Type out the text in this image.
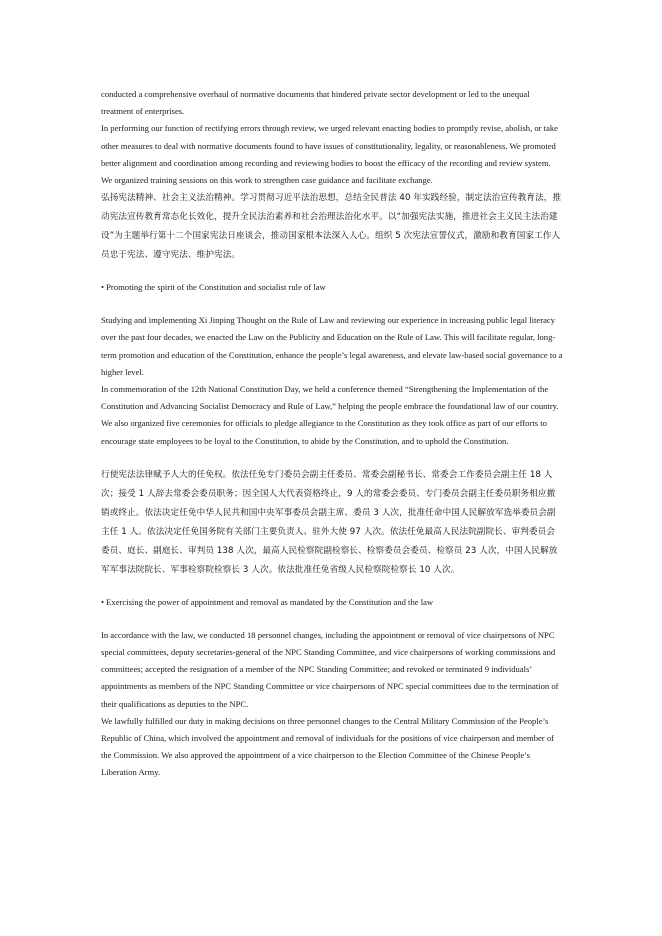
conducted a comprehensive overhaul of normative documents that hindered private sector development or led to the unequal treatment of enterprises.

In performing our function of rectifying errors through review, we urged relevant enacting bodies to promptly revise, abolish, or take other measures to deal with normative documents found to have issues of constitutionality, legality, or reasonableness. We promoted better alignment and coordination among recording and reviewing bodies to boost the efficacy of the recording and review system. We organized training sessions on this work to strengthen case guidance and facilitate exchange.

弘扬宪法精神、社会主义法治精神。学习贯彻习近平法治思想，总结全民普法 40 年实践经验，制定法治宣传教育法，推动宪法宣传教育常态化长效化，提升全民法治素养和社会治理法治化水平。以“加强宪法实施，推进社会主义民主法治建设”为主题举行第十二个国家宪法日座谈会，推动国家根本法深入人心。组织 5 次宪法宣誓仪式，激励和教育国家工作人员忠于宪法、遵守宪法、维护宪法。

• Promoting the spirit of the Constitution and socialist rule of law

Studying and implementing Xi Jinping Thought on the Rule of Law and reviewing our experience in increasing public legal literacy over the past four decades, we enacted the Law on the Publicity and Education on the Rule of Law. This will facilitate regular, long-term promotion and education of the Constitution, enhance the people’s legal awareness, and elevate law-based social governance to a higher level.

In commemoration of the 12th National Constitution Day, we held a conference themed “Strengthening the Implementation of the Constitution and Advancing Socialist Democracy and Rule of Law,” helping the people embrace the foundational law of our country. We also organized five ceremonies for officials to pledge allegiance to the Constitution as they took office as part of our efforts to encourage state employees to be loyal to the Constitution, to abide by the Constitution, and to uphold the Constitution.

行使宪法法律赋予人大的任免权。依法任免专门委员会副主任委员、常委会副秘书长、常委会工作委员会副主任 18 人次；接受 1 人辞去常委会委员职务；因全国人大代表资格终止，9 人的常委会委员、专门委员会副主任委员职务相应撤销或终止。依法决定任免中华人民共和国中央军事委员会副主席、委员 3 人次，批准任命中国人民解放军选举委员会副主任 1 人。依法决定任免国务院有关部门主要负责人、驻外大使 97 人次。依法任免最高人民法院副院长、审判委员会委员、庭长、副庭长、审判员 138 人次，最高人民检察院副检察长、检察委员会委员、检察员 23 人次，中国人民解放军军事法院院长、军事检察院检察长 3 人次。依法批准任免省级人民检察院检察长 10 人次。

• Exercising the power of appointment and removal as mandated by the Constitution and the law

In accordance with the law, we conducted 18 personnel changes, including the appointment or removal of vice chairpersons of NPC special committees, deputy secretaries-general of the NPC Standing Committee, and vice chairpersons of working commissions and committees; accepted the resignation of a member of the NPC Standing Committee; and revoked or terminated 9 individuals’ appointments as members of the NPC Standing Committee or vice chairpersons of NPC special committees due to the termination of their qualifications as deputies to the NPC.

We lawfully fulfilled our duty in making decisions on three personnel changes to the Central Military Commission of the People’s Republic of China, which involved the appointment and removal of individuals for the positions of vice chairperson and member of the Commission. We also approved the appointment of a vice chairperson to the Election Committee of the Chinese People’s Liberation Army.
